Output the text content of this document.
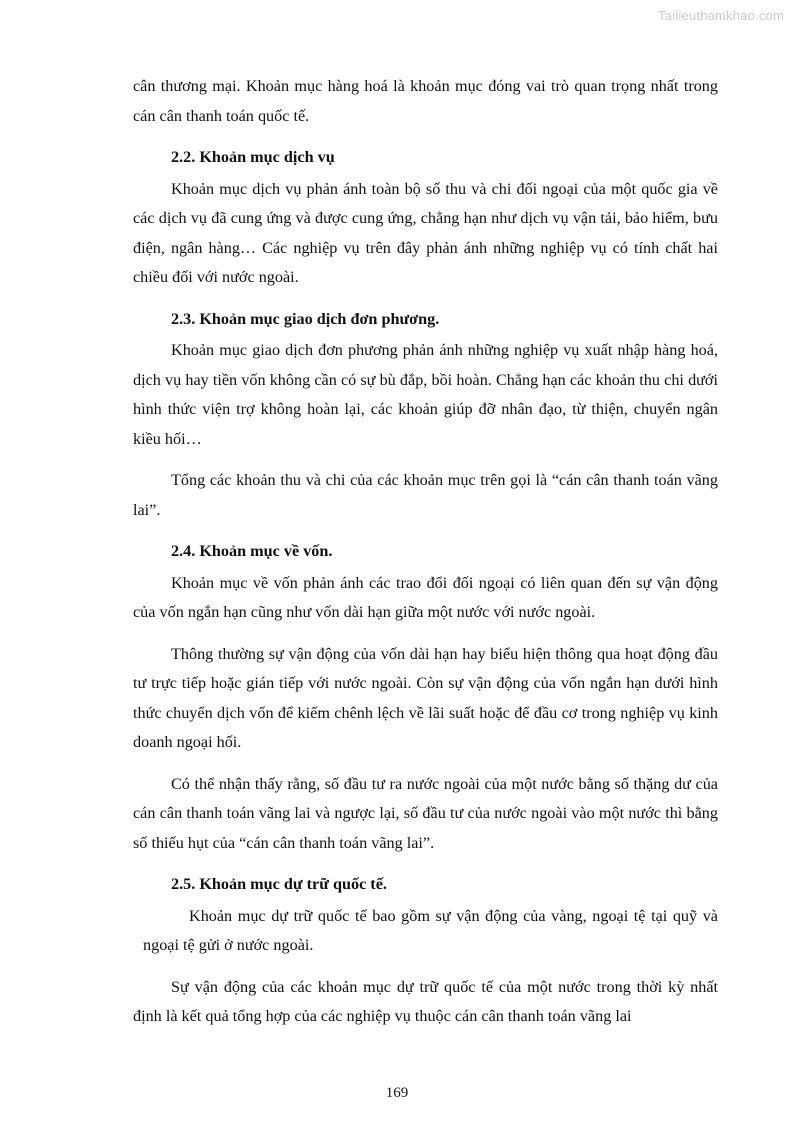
Tailieuthamkhao.com

cân thương mại. Khoản mục hàng hoá là khoản mục đóng vai trò quan trọng nhất trong cán cân thanh toán quốc tế.

2.2. Khoản mục dịch vụ

Khoản mục dịch vụ phản ánh toàn bộ số thu và chi đối ngoại của một quốc gia về các dịch vụ đã cung ứng và được cung ứng, chẳng hạn như dịch vụ vận tải, bảo hiểm, bưu điện, ngân hàng… Các nghiệp vụ trên đây phản ánh những nghiệp vụ có tính chất hai chiều đối với nước ngoài.

2.3. Khoản mục giao dịch đơn phương.

Khoản mục giao dịch đơn phương phản ánh những nghiệp vụ xuất nhập hàng hoá, dịch vụ hay tiền vốn không cần có sự bù đắp, bồi hoàn. Chẳng hạn các khoản thu chi dưới hình thức viện trợ không hoàn lại, các khoản giúp đỡ nhân đạo, từ thiện, chuyển ngân kiều hối…

Tổng các khoản thu và chi của các khoản mục trên gọi là “cán cân thanh toán vãng lai”.

2.4. Khoản mục về vốn.

Khoản mục về vốn phản ánh các trao đổi đối ngoại có liên quan đến sự vận động của vốn ngắn hạn cũng như vốn dài hạn giữa một nước với nước ngoài.

Thông thường sự vận động của vốn dài hạn hay biểu hiện thông qua hoạt động đầu tư trực tiếp hoặc gián tiếp với nước ngoài. Còn sự vận động của vốn ngắn hạn dưới hình thức chuyển dịch vốn để kiếm chênh lệch về lãi suất hoặc để đầu cơ trong nghiệp vụ kinh doanh ngoại hối.

Có thể nhận thấy rằng, số đầu tư ra nước ngoài của một nước bằng số thặng dư của cán cân thanh toán vãng lai và ngược lại, số đầu tư của nước ngoài vào một nước thì bằng số thiếu hụt của “cán cân thanh toán vãng lai”.

2.5. Khoản mục dự trữ quốc tế.

Khoản mục dự trữ quốc tế bao gồm sự vận động của vàng, ngoại tệ tại quỹ và ngoại tệ gửi ở nước ngoài.

Sự vận động của các khoản mục dự trữ quốc tế của một nước trong thời kỳ nhất định là kết quả tổng hợp của các nghiệp vụ thuộc cán cân thanh toán vãng lai

169
